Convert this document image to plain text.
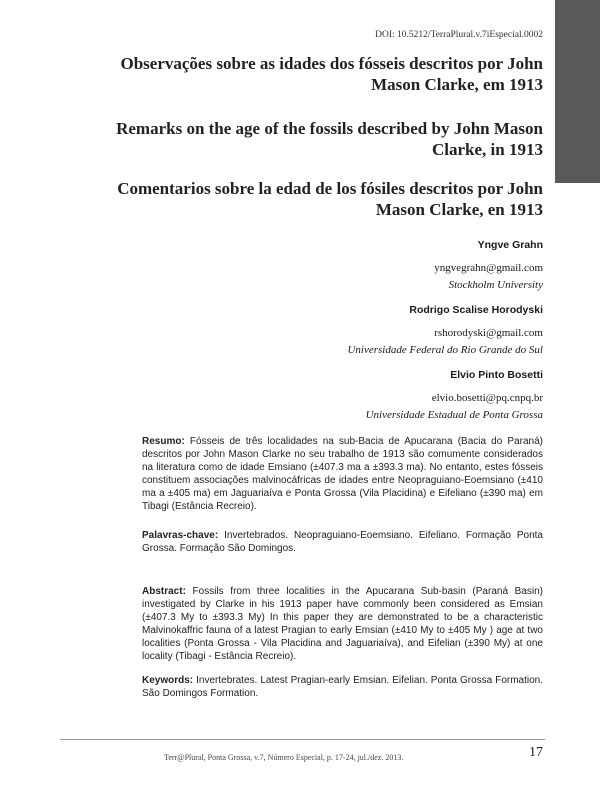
DOI: 10.5212/TerraPlural.v.7iEspecial.0002
Observações sobre as idades dos fósseis descritos por John Mason Clarke, em 1913
Remarks on the age of the fossils described by John Mason Clarke, in 1913
Comentarios sobre la edad de los fósiles descritos por John Mason Clarke, en 1913
Yngve Grahn
yngvegrahn@gmail.com
Stockholm University
Rodrigo Scalise Horodyski
rshorodyski@gmail.com
Universidade Federal do Rio Grande do Sul
Elvio Pinto Bosetti
elvio.bosetti@pq.cnpq.br
Universidade Estadual de Ponta Grossa
Resumo: Fósseis de três localidades na sub-Bacia de Apucarana (Bacia do Paraná) descritos por John Mason Clarke no seu trabalho de 1913 são comumente considerados na literatura como de idade Emsiano (±407.3 ma a ±393.3 ma). No entanto, estes fósseis constituem associações malvinocáfricas de idades entre Neopraguiano-Eoemsiano (±410 ma a ±405 ma) em Jaguariaíva e Ponta Grossa (Vila Placidina) e Eifeliano (±390 ma) em Tibagi (Estância Recreio).
Palavras-chave: Invertebrados. Neopraguiano-Eoemsiano. Eifeliano. Formação Ponta Grossa. Formação São Domingos.
Abstract: Fossils from three localities in the Apucarana Sub-basin (Paraná Basin) investigated by Clarke in his 1913 paper have commonly been considered as Emsian (±407.3 My to ±393.3 My) In this paper they are demonstrated to be a characteristic Malvinokaffric fauna of a latest Pragian to early Emsian (±410 My to ±405 My ) age at two localities (Ponta Grossa - Vila Placidina and Jaguariaíva), and Eifelian (±390 My) at one locality (Tibagi - Estância Recreio).
Keywords: Invertebrates. Latest Pragian-early Emsian. Eifelian. Ponta Grossa Formation. São Domingos Formation.
Terr@Plural, Ponta Grossa, v.7, Número Especial, p. 17-24, jul./dez. 2013.	17
